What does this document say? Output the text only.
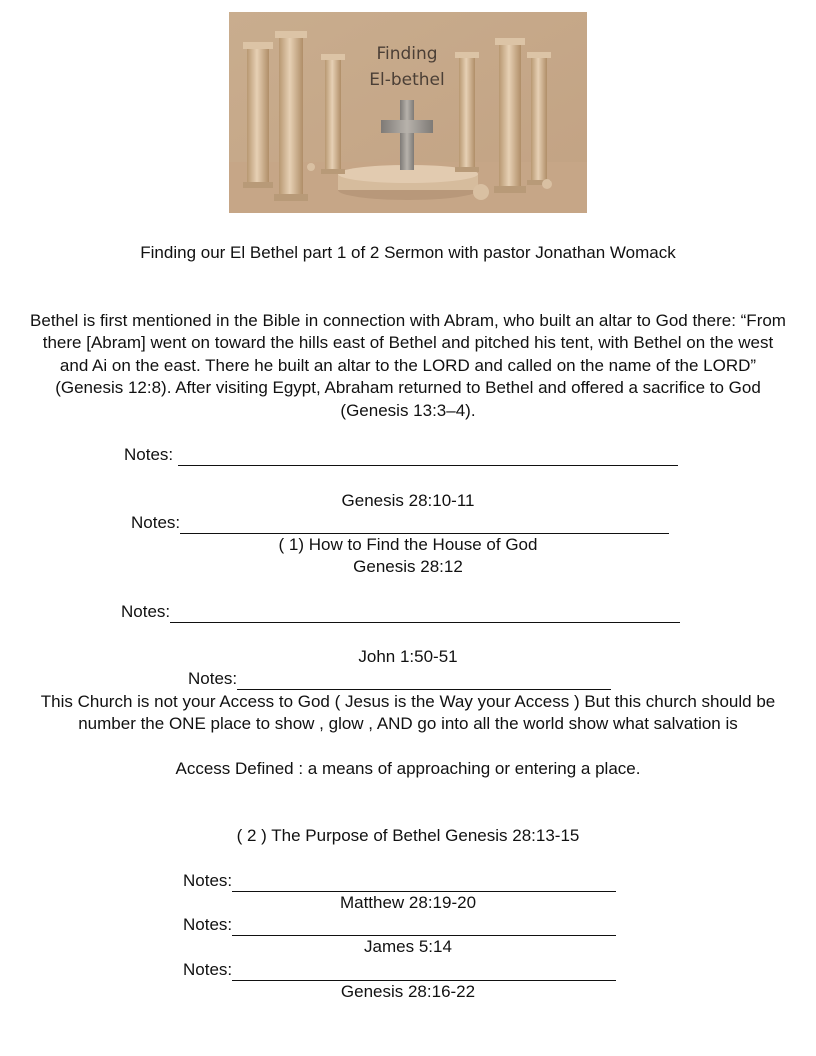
Finding
El-bethel
Finding our El Bethel part 1 of 2 Sermon with pastor Jonathan Womack
Bethel is first mentioned in the Bible in connection with Abram, who built an altar to God there: “From there [Abram] went on toward the hills east of Bethel and pitched his tent, with Bethel on the west and Ai on the east. There he built an altar to the LORD and called on the name of the LORD” (Genesis 12:8). After visiting Egypt, Abraham returned to Bethel and offered a sacrifice to God (Genesis 13:3–4).
Notes:
Genesis 28:10-11
Notes:
( 1) How to Find the House of God
Genesis 28:12
Notes:
John 1:50-51
Notes:
This Church is not your Access to God ( Jesus is the Way your Access ) But this church should be number the ONE place to show , glow , AND go into all the world show what salvation is
Access Defined : a means of approaching or entering a place.
( 2 ) The Purpose of Bethel Genesis 28:13-15
Notes:
Matthew 28:19-20
Notes:
James 5:14
Notes:
Genesis 28:16-22
